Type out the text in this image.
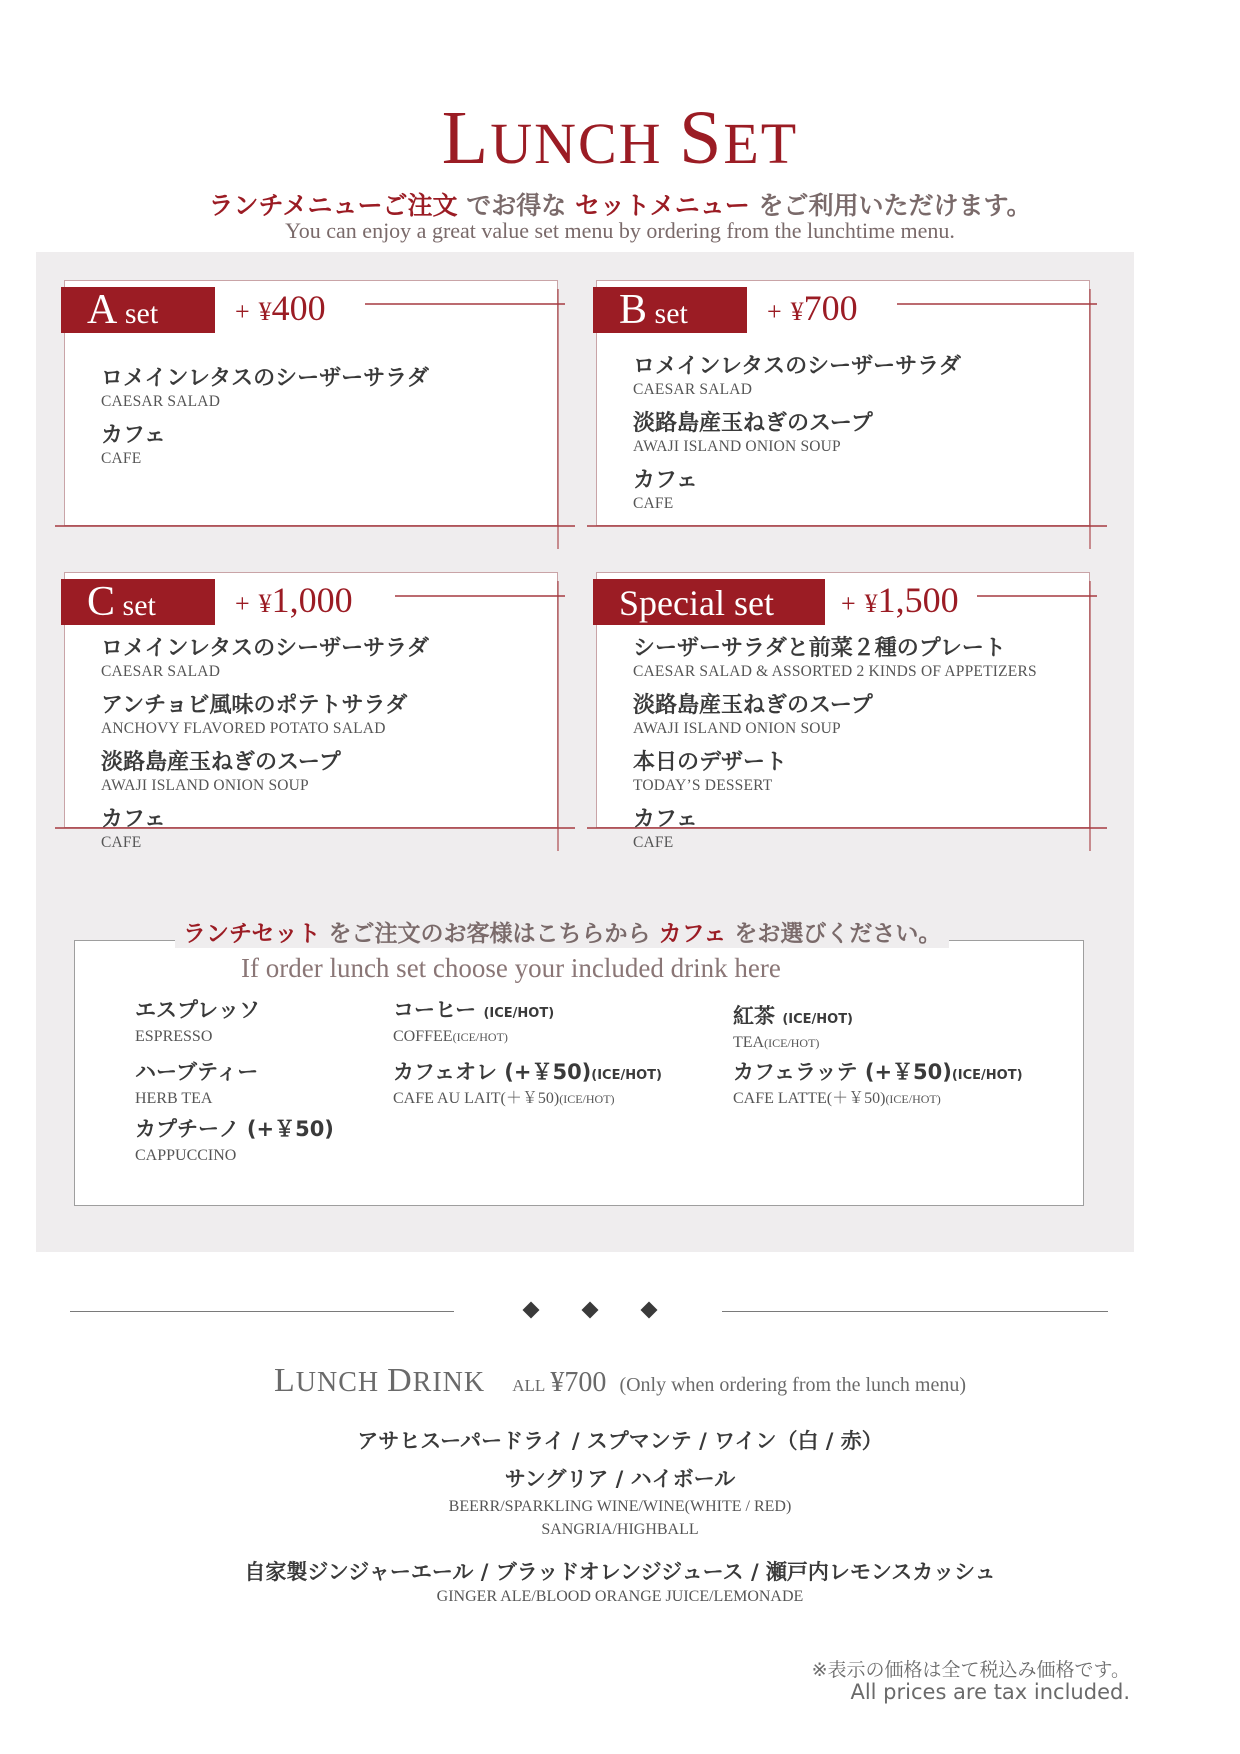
LUNCH SET
ランチメニューご注文 でお得な セットメニュー をご利用いただけます。
You can enjoy a great value set menu by ordering from the lunchtime menu.
A set	+ ¥400
ロメインレタスのシーザーサラダ
CAESAR SALAD
カフェ
CAFE
B set	+ ¥700
ロメインレタスのシーザーサラダ
CAESAR SALAD
淡路島産玉ねぎのスープ
AWAJI ISLAND ONION SOUP
カフェ
CAFE
C set	+ ¥1,000
ロメインレタスのシーザーサラダ
CAESAR SALAD
アンチョビ風味のポテトサラダ
ANCHOVY FLAVORED POTATO SALAD
淡路島産玉ねぎのスープ
AWAJI ISLAND ONION SOUP
カフェ
CAFE
Special set	+ ¥1,500
シーザーサラダと前菜２種のプレート
CAESAR SALAD & ASSORTED 2 KINDS OF APPETIZERS
淡路島産玉ねぎのスープ
AWAJI ISLAND ONION SOUP
本日のデザート
TODAY’S DESSERT
カフェ
CAFE
ランチセット をご注文のお客様はこちらから カフェ をお選びください。
If order lunch set choose your included drink here
エスプレッソ
ESPRESSO
ハーブティー
HERB TEA
カプチーノ (+￥50)
CAPPUCCINO
コーヒー (ICE/HOT)
COFFEE(ICE/HOT)
カフェオレ (+￥50)(ICE/HOT)
CAFE AU LAIT(＋￥50)(ICE/HOT)
紅茶 (ICE/HOT)
TEA(ICE/HOT)
カフェラッテ (+￥50)(ICE/HOT)
CAFE LATTE(＋￥50)(ICE/HOT)
LUNCH DRINK ALL ¥700 (Only when ordering from the lunch menu)
アサヒスーパードライ / スプマンテ / ワイン（白 / 赤）
サングリア / ハイボール
BEERR/SPARKLING WINE/WINE(WHITE / RED)
SANGRIA/HIGHBALL
自家製ジンジャーエール / ブラッドオレンジジュース / 瀬戸内レモンスカッシュ
GINGER ALE/BLOOD ORANGE JUICE/LEMONADE
※表示の価格は全て税込み価格です。
All prices are tax included.
